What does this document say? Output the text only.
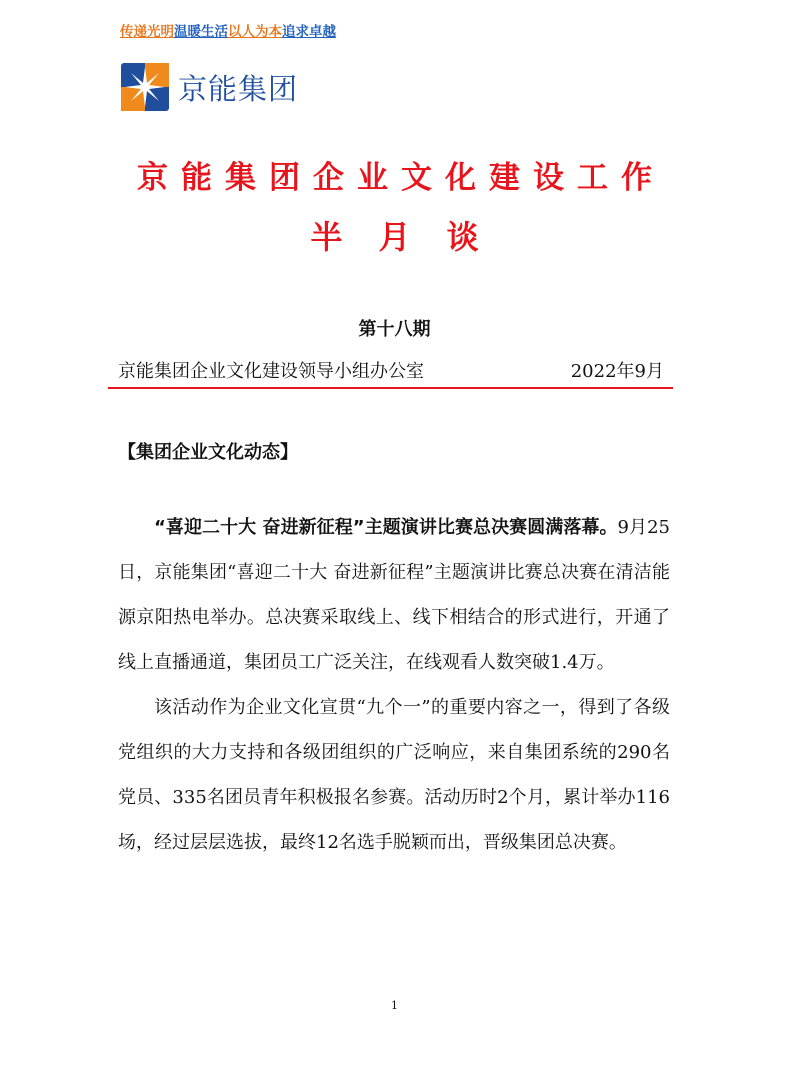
传递光明温暖生活以人为本追求卓越
京能集团
京能集团企业文化建设工作
半月谈
第十八期
京能集团企业文化建设领导小组办公室	2022年9月
【集团企业文化动态】

“喜迎二十大 奋进新征程”主题演讲比赛总决赛圆满落幕。9月25日，京能集团“喜迎二十大 奋进新征程”主题演讲比赛总决赛在清洁能源京阳热电举办。总决赛采取线上、线下相结合的形式进行，开通了线上直播通道，集团员工广泛关注，在线观看人数突破1.4万。

该活动作为企业文化宣贯“九个一”的重要内容之一，得到了各级党组织的大力支持和各级团组织的广泛响应，来自集团系统的290名党员、335名团员青年积极报名参赛。活动历时2个月，累计举办116场，经过层层选拔，最终12名选手脱颖而出，晋级集团总决赛。

1
